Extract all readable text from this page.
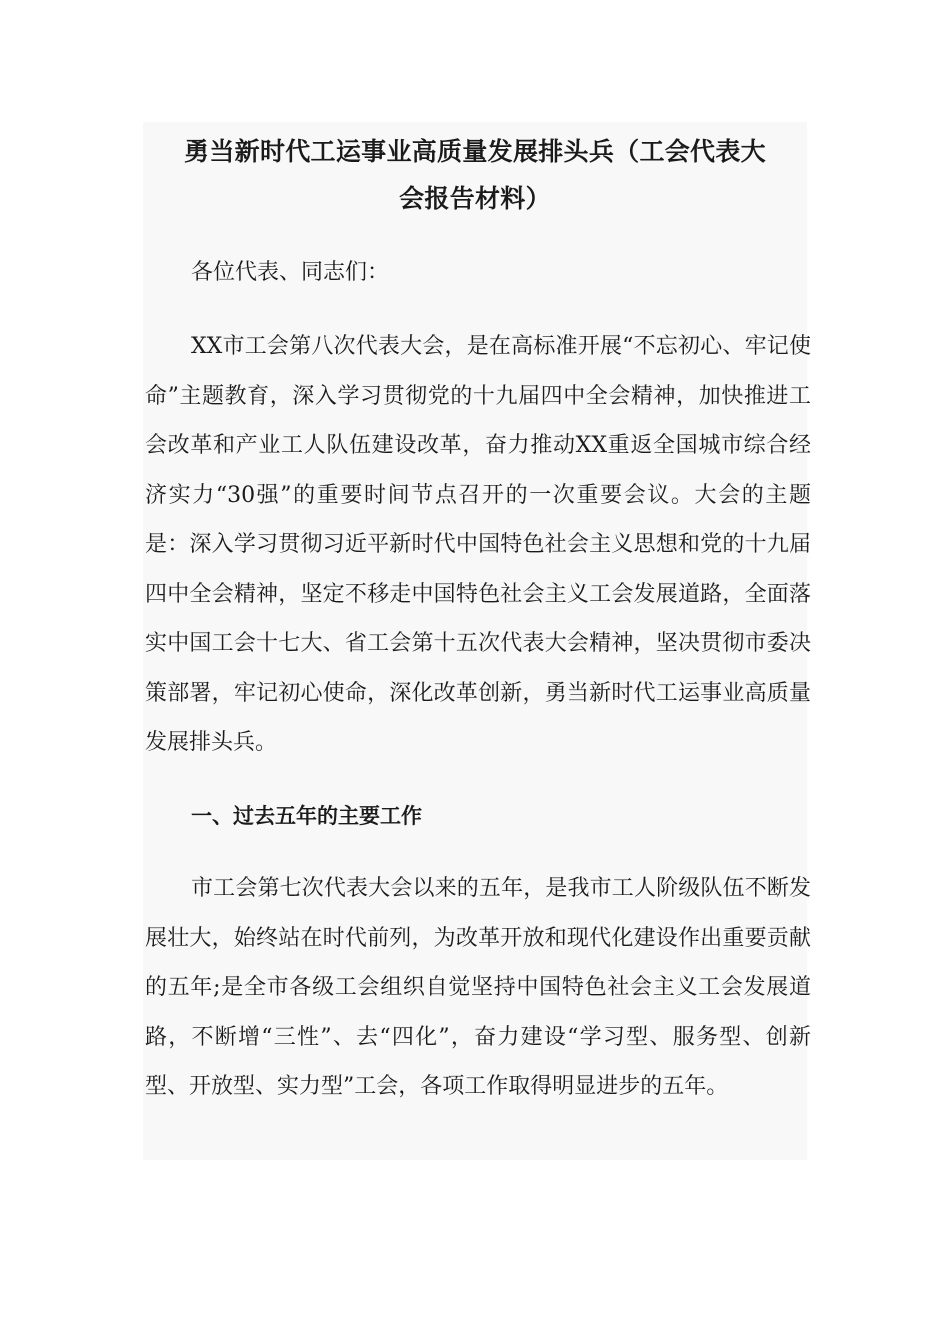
勇当新时代工运事业高质量发展排头兵（工会代表大
会报告材料）

各位代表、同志们：

XX市工会第八次代表大会，是在高标准开展“不忘初心、牢记使命”主题教育，深入学习贯彻党的十九届四中全会精神，加快推进工会改革和产业工人队伍建设改革，奋力推动XX重返全国城市综合经济实力“30强”的重要时间节点召开的一次重要会议。大会的主题是：深入学习贯彻习近平新时代中国特色社会主义思想和党的十九届四中全会精神，坚定不移走中国特色社会主义工会发展道路，全面落实中国工会十七大、省工会第十五次代表大会精神，坚决贯彻市委决策部署，牢记初心使命，深化改革创新，勇当新时代工运事业高质量发展排头兵。

一、过去五年的主要工作

市工会第七次代表大会以来的五年，是我市工人阶级队伍不断发展壮大，始终站在时代前列，为改革开放和现代化建设作出重要贡献的五年;是全市各级工会组织自觉坚持中国特色社会主义工会发展道路，不断增“三性”、去“四化”，奋力建设“学习型、服务型、创新型、开放型、实力型”工会，各项工作取得明显进步的五年。
